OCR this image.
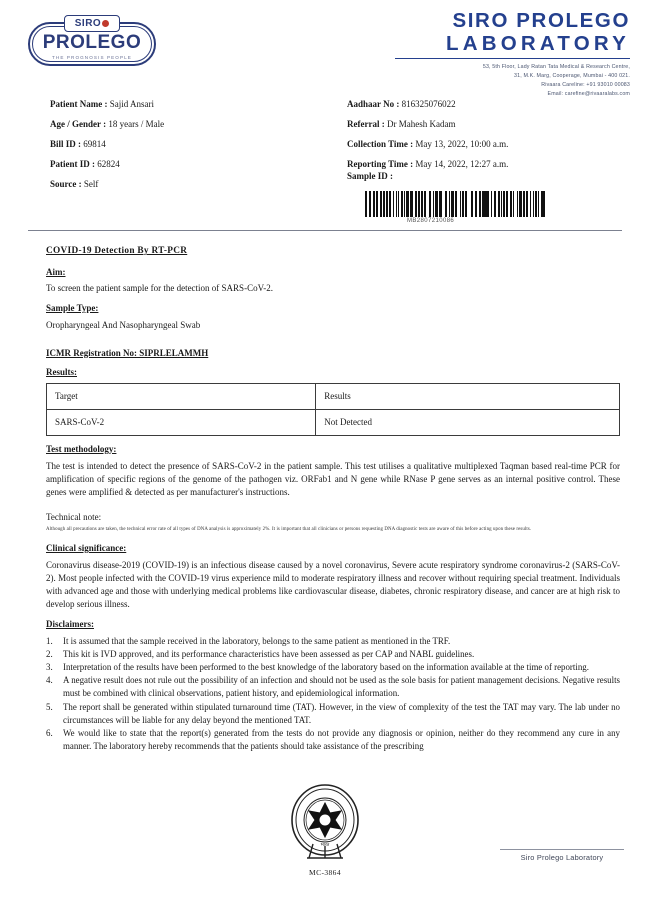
SIRO
PROLEGO
THE PROGNOSIS PEOPLE
SIRO PROLEGO
LABORATORY
53, 5th Floor, Lady Ratan Tata Medical & Research Centre,
31, M.K. Marg, Cooperage, Mumbai - 400 021.
Rivaara Careline: +91 93010 00083
Email: carefine@rivaaralabs.com
Patient Name : Sajid Ansari
Age / Gender : 18 years / Male
Bill ID : 69814
Patient ID : 62824
Source : Self
Aadhaar No : 816325076022
Referral : Dr Mahesh Kadam
Collection Time : May 13, 2022, 10:00 a.m.
Reporting Time : May 14, 2022, 12:27 a.m.
Sample ID :
MB2807210086
COVID-19 Detection By RT-PCR
Aim:
To screen the patient sample for the detection of SARS-CoV-2.
Sample Type:
Oropharyngeal And Nasopharyngeal Swab
ICMR Registration No: SIPRLELAMMH
Results:
Target	Results
SARS-CoV-2	Not Detected
Test methodology:
The test is intended to detect the presence of SARS-CoV-2 in the patient sample. This test utilises a qualitative multiplexed Taqman based real-time PCR for amplification of specific regions of the genome of the pathogen viz. ORFab1 and N gene while RNase P gene serves as an internal positive control. These genes were amplified & detected as per manufacturer's instructions.
Technical note:
Although all precautions are taken, the technical error rate of all types of DNA analysis is approximately 2%. It is important that all clinicians or persons requesting DNA diagnostic tests are aware of this before acting upon these results.
Clinical significance:
Coronavirus disease-2019 (COVID-19) is an infectious disease caused by a novel coronavirus, Severe acute respiratory syndrome coronavirus-2 (SARS-CoV-2). Most people infected with the COVID-19 virus experience mild to moderate respiratory illness and recover without requiring special treatment. Individuals with advanced age and those with underlying medical problems like cardiovascular disease, diabetes, chronic respiratory disease, and cancer are at high risk to develop serious illness.
Disclaimers:
1.	It is assumed that the sample received in the laboratory, belongs to the same patient as mentioned in the TRF.
2.	This kit is IVD approved, and its performance characteristics have been assessed as per CAP and NABL guidelines.
3.	Interpretation of the results have been performed to the best knowledge of the laboratory based on the information available at the time of reporting.
4.	A negative result does not rule out the possibility of an infection and should not be used as the sole basis for patient management decisions. Negative results must be combined with clinical observations, patient history, and epidemiological information.
5.	The report shall be generated within stipulated turnaround time (TAT). However, in the view of complexity of the test the TAT may vary. The lab under no circumstances will be liable for any delay beyond the mentioned TAT.
6.	We would like to state that the report(s) generated from the tests do not provide any diagnosis or opinion, neither do they recommend any cure in any manner. The laboratory hereby recommends that the patients should take assistance of the prescribing
भारत
MC-3864
Siro Prolego Laboratory
